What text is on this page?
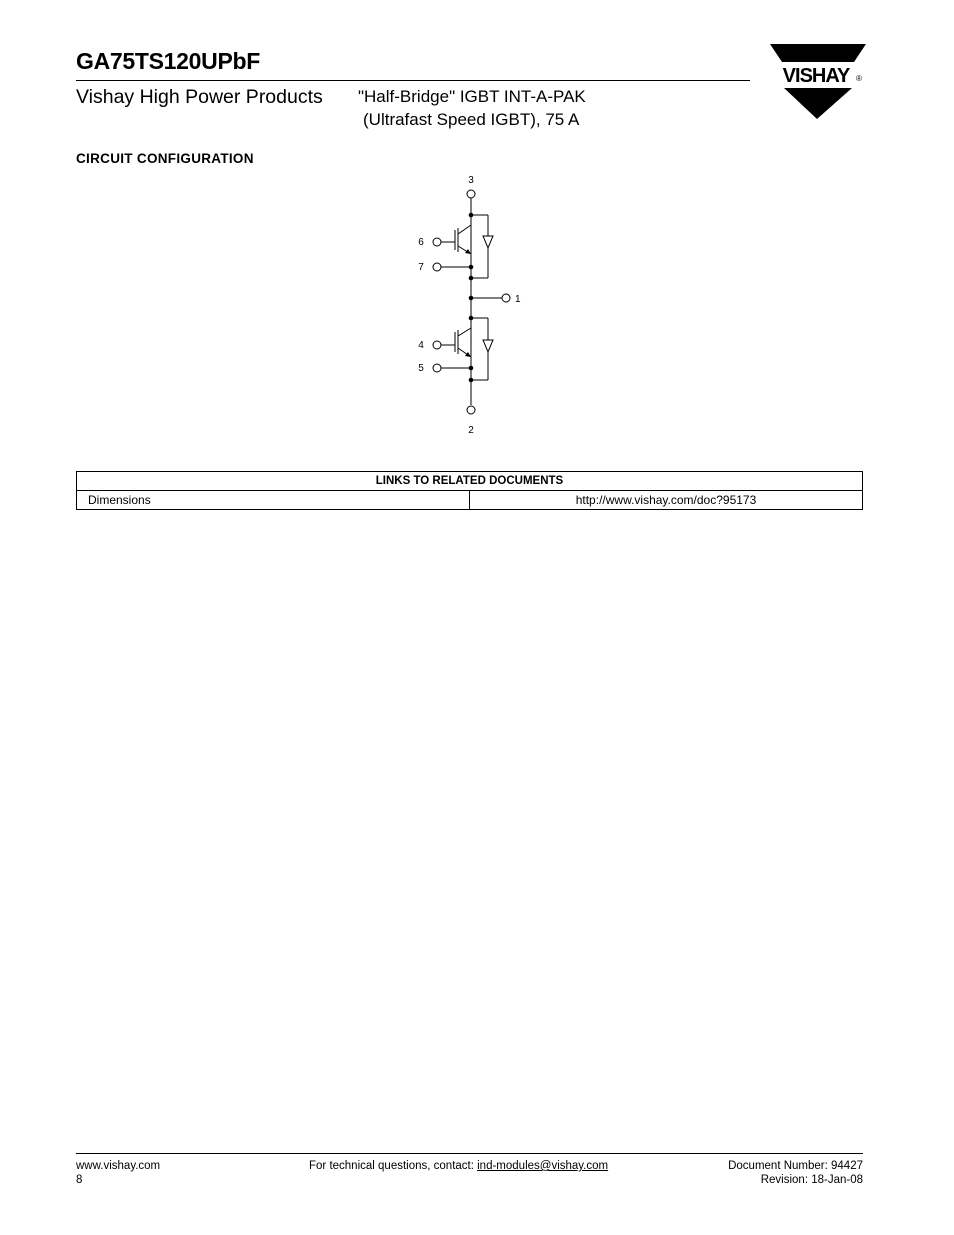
GA75TS120UPbF
Vishay High Power Products "Half-Bridge" IGBT INT-A-PAK
(Ultrafast Speed IGBT), 75 A
VISHAY ®
CIRCUIT CONFIGURATION
3
2
1
6
7
4
5
LINKS TO RELATED DOCUMENTS
Dimensions	http://www.vishay.com/doc?95173
www.vishay.com
8
For technical questions, contact: ind-modules@vishay.com	Document Number: 94427
Revision: 18-Jan-08
